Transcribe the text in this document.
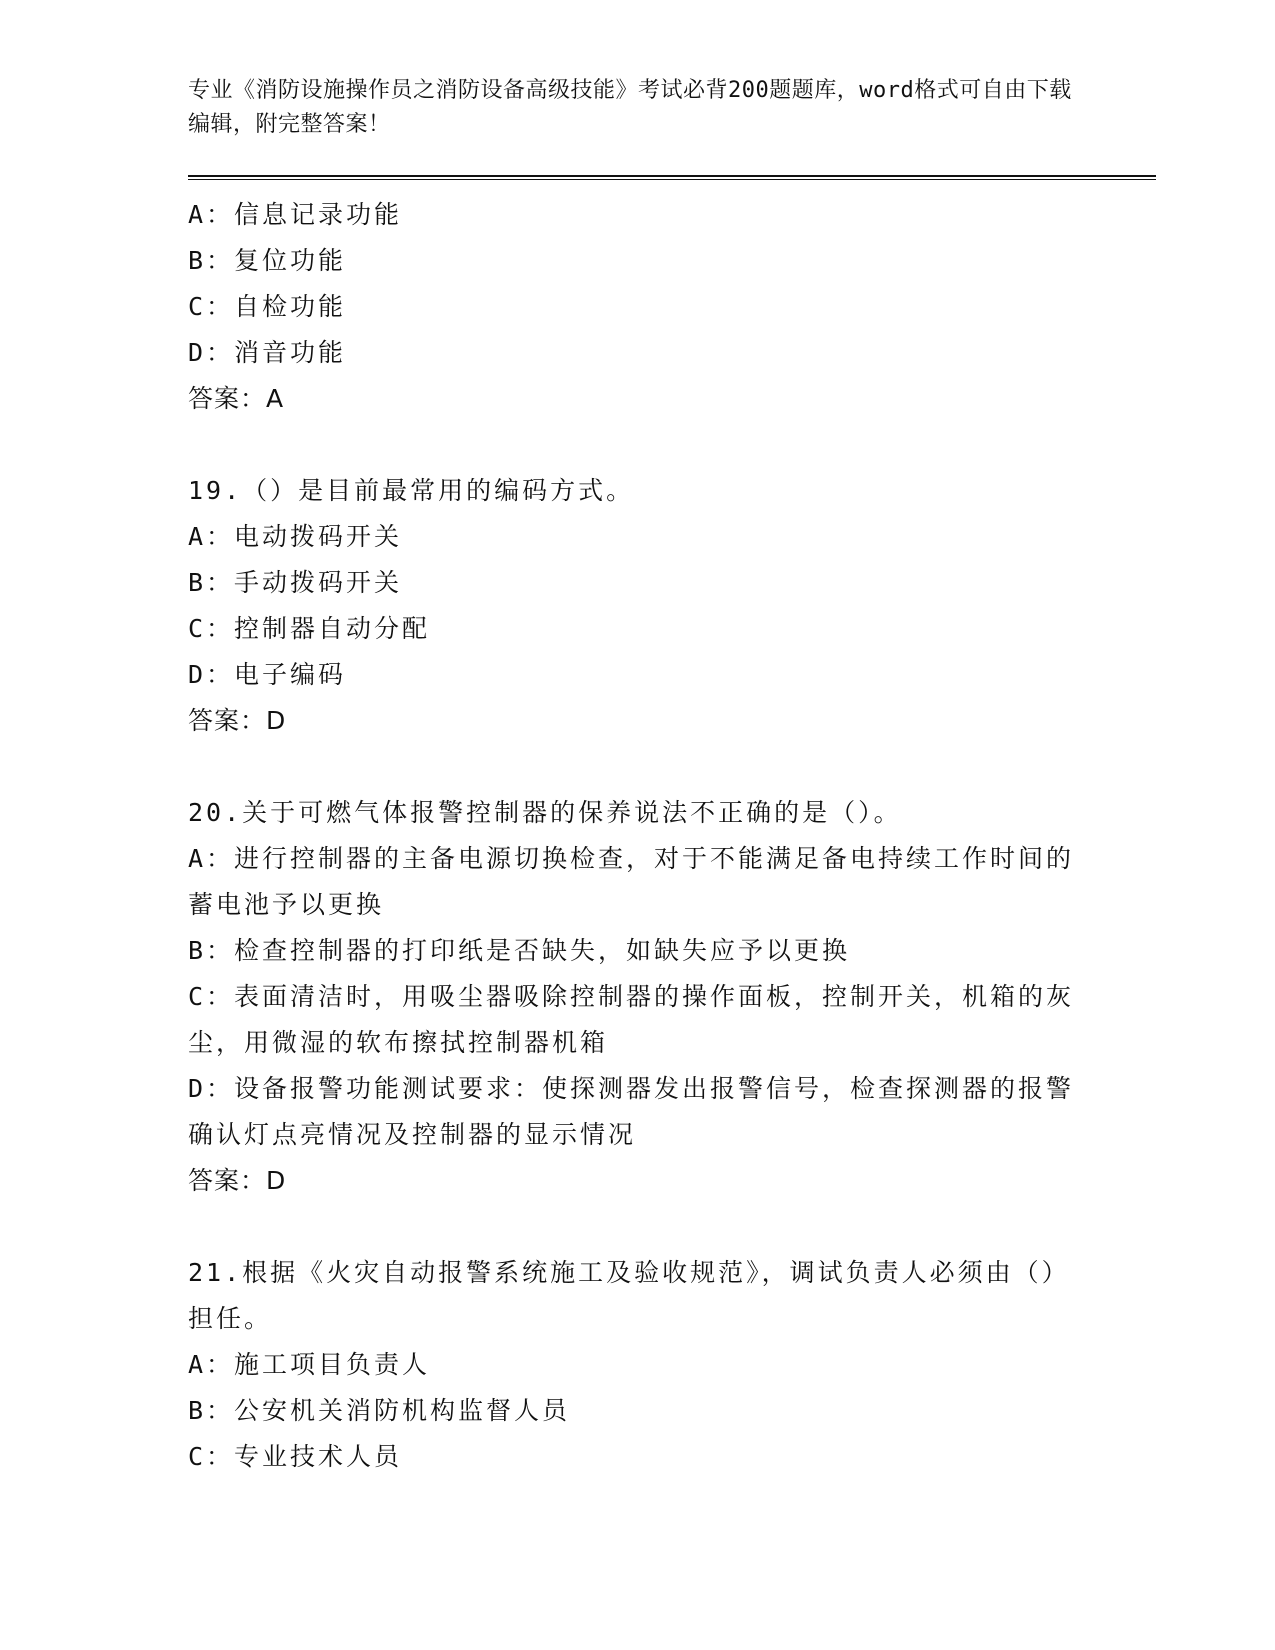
专业《消防设施操作员之消防设备高级技能》考试必背200题题库，word格式可自由下载编辑，附完整答案！
A：信息记录功能
B：复位功能
C：自检功能
D：消音功能
答案：A
19.（）是目前最常用的编码方式。
A：电动拨码开关
B：手动拨码开关
C：控制器自动分配
D：电子编码
答案：D
20.关于可燃气体报警控制器的保养说法不正确的是（）。
A：进行控制器的主备电源切换检查，对于不能满足备电持续工作时间的蓄电池予以更换
B：检查控制器的打印纸是否缺失，如缺失应予以更换
C：表面清洁时，用吸尘器吸除控制器的操作面板，控制开关，机箱的灰尘，用微湿的软布擦拭控制器机箱
D：设备报警功能测试要求：使探测器发出报警信号，检查探测器的报警确认灯点亮情况及控制器的显示情况
答案：D
21.根据《火灾自动报警系统施工及验收规范》，调试负责人必须由（）担任。
A：施工项目负责人
B：公安机关消防机构监督人员
C：专业技术人员
